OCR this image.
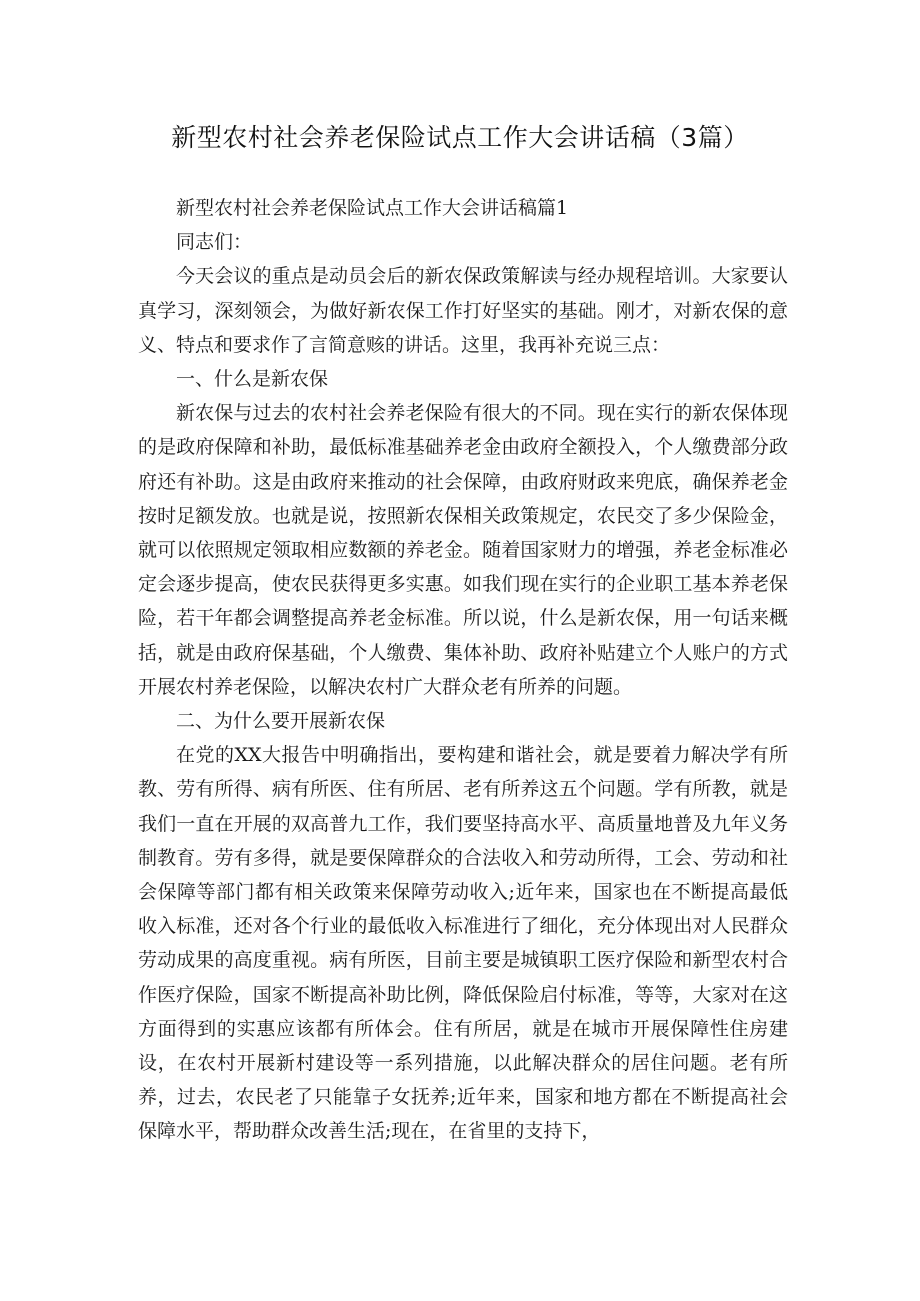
新型农村社会养老保险试点工作大会讲话稿（3篇）

新型农村社会养老保险试点工作大会讲话稿篇1

同志们：

今天会议的重点是动员会后的新农保政策解读与经办规程培训。大家要认真学习，深刻领会，为做好新农保工作打好坚实的基础。刚才，对新农保的意义、特点和要求作了言简意赅的讲话。这里，我再补充说三点：

一、什么是新农保

新农保与过去的农村社会养老保险有很大的不同。现在实行的新农保体现的是政府保障和补助，最低标准基础养老金由政府全额投入，个人缴费部分政府还有补助。这是由政府来推动的社会保障，由政府财政来兜底，确保养老金按时足额发放。也就是说，按照新农保相关政策规定，农民交了多少保险金，就可以依照规定领取相应数额的养老金。随着国家财力的增强，养老金标准必定会逐步提高，使农民获得更多实惠。如我们现在实行的企业职工基本养老保险，若干年都会调整提高养老金标准。所以说，什么是新农保，用一句话来概括，就是由政府保基础，个人缴费、集体补助、政府补贴建立个人账户的方式开展农村养老保险，以解决农村广大群众老有所养的问题。

二、为什么要开展新农保

在党的XX大报告中明确指出，要构建和谐社会，就是要着力解决学有所教、劳有所得、病有所医、住有所居、老有所养这五个问题。学有所教，就是我们一直在开展的双高普九工作，我们要坚持高水平、高质量地普及九年义务制教育。劳有多得，就是要保障群众的合法收入和劳动所得，工会、劳动和社会保障等部门都有相关政策来保障劳动收入;近年来，国家也在不断提高最低收入标准，还对各个行业的最低收入标准进行了细化，充分体现出对人民群众劳动成果的高度重视。病有所医，目前主要是城镇职工医疗保险和新型农村合作医疗保险，国家不断提高补助比例，降低保险启付标准，等等，大家对在这方面得到的实惠应该都有所体会。住有所居，就是在城市开展保障性住房建设，在农村开展新村建设等一系列措施，以此解决群众的居住问题。老有所养，过去，农民老了只能靠子女抚养;近年来，国家和地方都在不断提高社会保障水平，帮助群众改善生活;现在，在省里的支持下，
